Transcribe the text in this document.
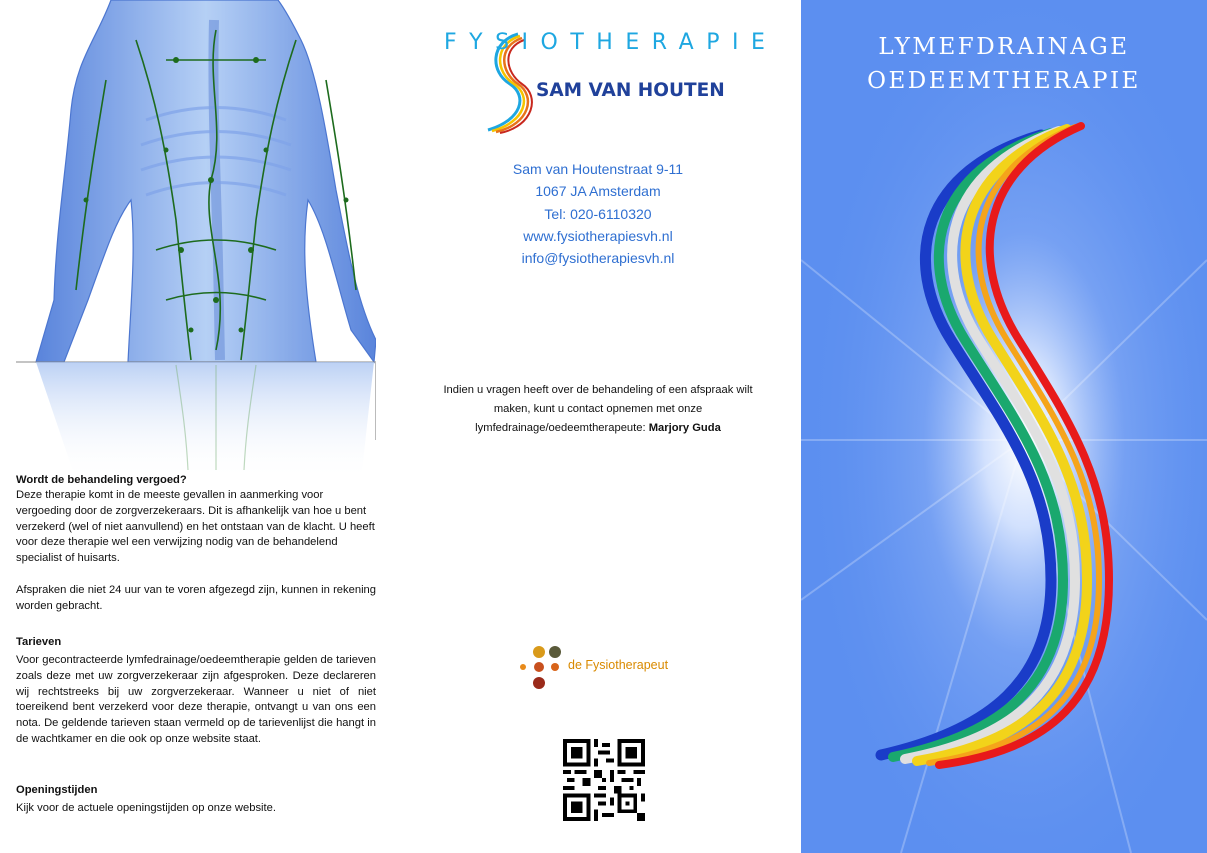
Wordt de behandeling vergoed?

Deze therapie komt in de meeste gevallen in aanmerking voor vergoeding door de zorgverzekeraars. Dit is afhankelijk van hoe u bent verzekerd (wel of niet aanvullend) en het ontstaan van de klacht. U heeft voor deze therapie wel een verwijzing nodig van de behandelend specialist of huisarts.

Afspraken die niet 24 uur van te voren afgezegd zijn, kunnen in rekening worden gebracht.

Tarieven

Voor gecontracteerde lymfedrainage/oedeemtherapie gelden de tarieven zoals deze met uw zorgverzekeraar zijn afgesproken. Deze declareren wij rechtstreeks bij uw zorgverzekeraar. Wanneer u niet of niet toereikend bent verzekerd voor deze therapie, ontvangt u van ons een nota. De geldende tarieven staan vermeld op de tarievenlijst die hangt in de wachtkamer en die ook op onze website staat.

Openingstijden

Kijk voor de actuele openingstijden op onze website.

FYSIOTHERAPIE
SAM VAN HOUTEN
Sam van Houtenstraat 9-11
1067 JA Amsterdam
Tel: 020-6110320
www.fysiotherapiesvh.nl
info@fysiotherapiesvh.nl
Indien u vragen heeft over de behandeling of een afspraak wilt maken, kunt u contact opnemen met onze lymfedrainage/oedeemtherapeute: Marjory Guda
de Fysiotherapeut
LYMEFDRAINAGE
OEDEEMTHERAPIE
